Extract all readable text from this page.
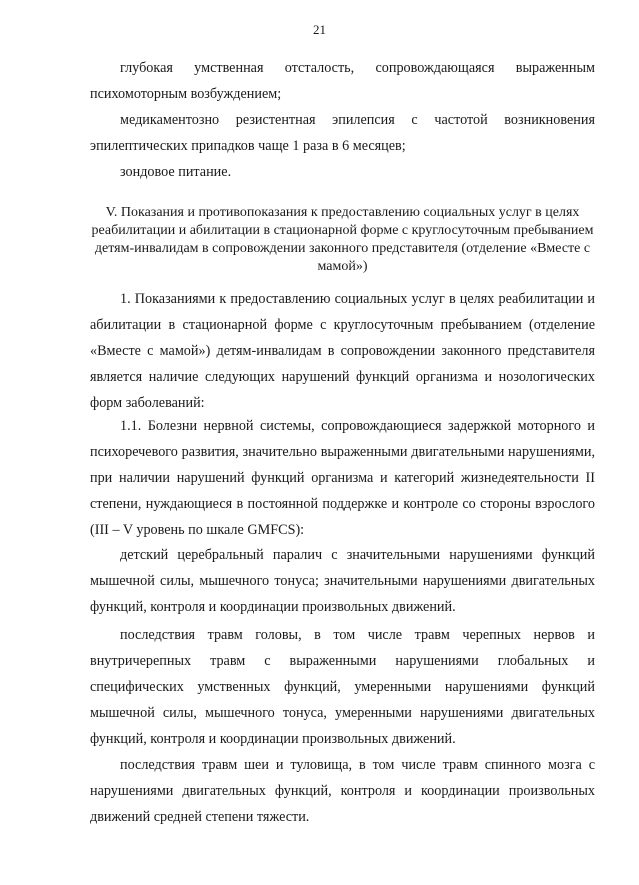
21

глубокая умственная отсталость, сопровождающаяся выраженным психомоторным возбуждением;

медикаментозно резистентная эпилепсия с частотой возникновения эпилептических припадков чаще 1 раза в 6 месяцев;

зондовое питание.

V. Показания и противопоказания к предоставлению социальных услуг в целях реабилитации и абилитации в стационарной форме с круглосуточным пребыванием детям-инвалидам в сопровождении законного представителя (отделение «Вместе с мамой»)

1. Показаниями к предоставлению социальных услуг в целях реабилитации и абилитации в стационарной форме с круглосуточным пребыванием (отделение «Вместе с мамой») детям-инвалидам в сопровождении законного представителя является наличие следующих нарушений функций организма и нозологических форм заболеваний:

1.1. Болезни нервной системы, сопровождающиеся задержкой моторного и психоречевого развития, значительно выраженными двигательными нарушениями, при наличии нарушений функций организма и категорий жизнедеятельности II степени, нуждающиеся в постоянной поддержке и контроле со стороны взрослого (III – V уровень по шкале GMFCS):

детский церебральный паралич с значительными нарушениями функций мышечной силы, мышечного тонуса; значительными нарушениями двигательных функций, контроля и координации произвольных движений.

последствия травм головы, в том числе травм черепных нервов и внутричерепных травм с выраженными нарушениями глобальных и специфических умственных функций, умеренными нарушениями функций мышечной силы, мышечного тонуса, умеренными нарушениями двигательных функций, контроля и координации произвольных движений.

последствия травм шеи и туловища, в том числе травм спинного мозга с нарушениями двигательных функций, контроля и координации произвольных движений средней степени тяжести.
